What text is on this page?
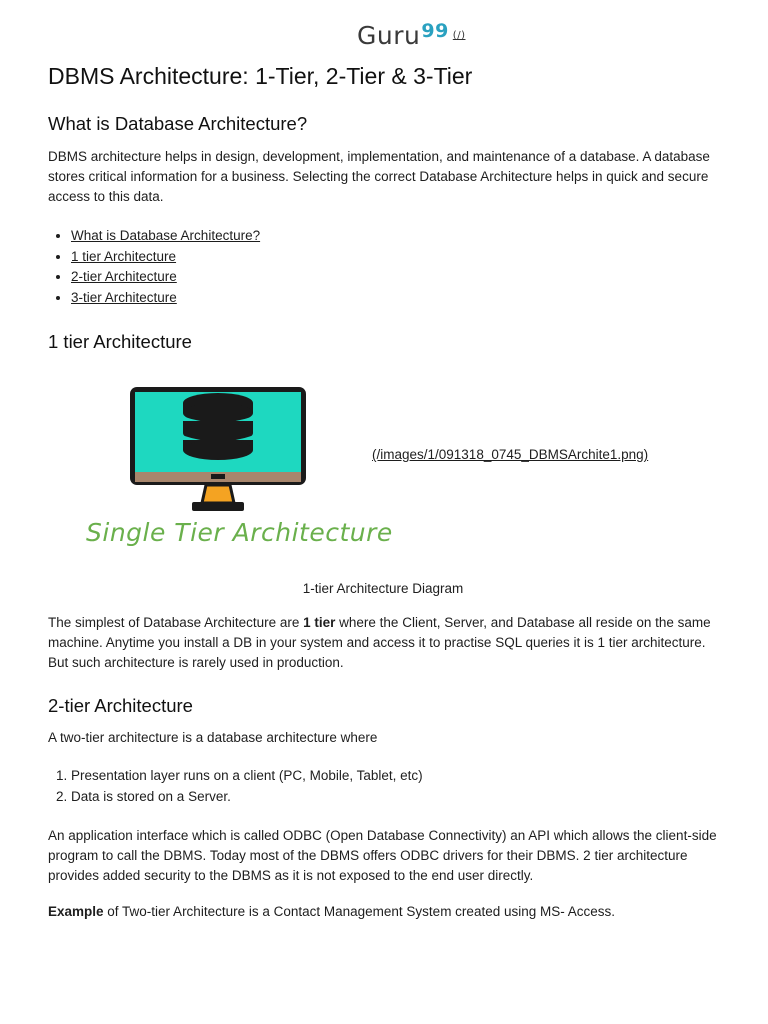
Guru$^{99}$ (/)
DBMS Architecture: 1-Tier, 2-Tier & 3-Tier
What is Database Architecture?

DBMS architecture helps in design, development, implementation, and maintenance of a database. A database stores critical information for a business. Selecting the correct Database Architecture helps in quick and secure access to this data.

• What is Database Architecture?
• 1 tier Architecture
• 2-tier Architecture
• 3-tier Architecture
1 tier Architecture
(/images/1/091318_0745_DBMSArchite1.png)
Single Tier Architecture
1-tier Architecture Diagram

The simplest of Database Architecture are 1 tier where the Client, Server, and Database all reside on the same machine. Anytime you install a DB in your system and access it to practise SQL queries it is 1 tier architecture. But such architecture is rarely used in production.

2-tier Architecture

A two-tier architecture is a database architecture where

1. Presentation layer runs on a client (PC, Mobile, Tablet, etc)
2. Data is stored on a Server.

An application interface which is called ODBC (Open Database Connectivity) an API which allows the client-side program to call the DBMS. Today most of the DBMS offers ODBC drivers for their DBMS. 2 tier architecture provides added security to the DBMS as it is not exposed to the end user directly.

Example of Two-tier Architecture is a Contact Management System created using MS- Access.
